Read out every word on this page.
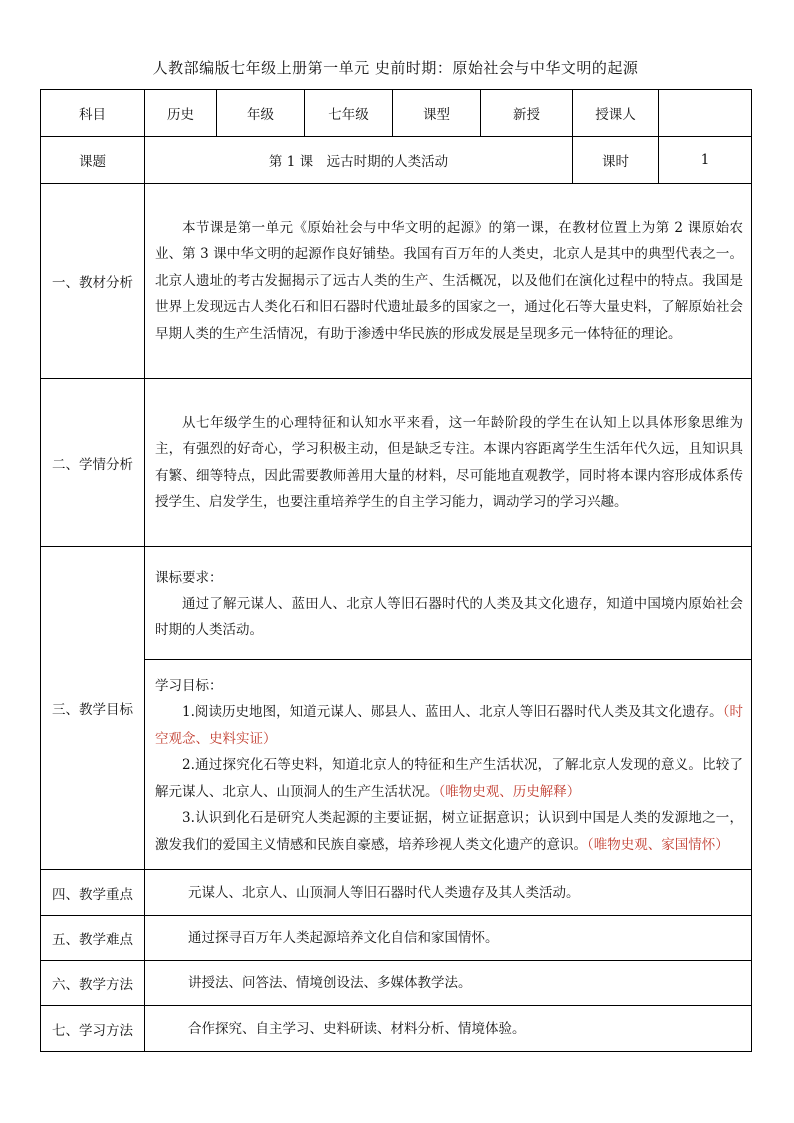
人教部编版七年级上册第一单元 史前时期：原始社会与中华文明的起源
科目	历史	年级	七年级	课型	新授	授课人	
课题	第 1 课　远古时期的人类活动					课时	1
一、教材分析	本节课是第一单元《原始社会与中华文明的起源》的第一课，在教材位置上为第 2 课原始农业、第 3 课中华文明的起源作良好铺垫。我国有百万年的人类史，北京人是其中的典型代表之一。北京人遗址的考古发掘揭示了远古人类的生产、生活概况，以及他们在演化过程中的特点。我国是世界上发现远古人类化石和旧石器时代遗址最多的国家之一，通过化石等大量史料，了解原始社会早期人类的生产生活情况，有助于渗透中华民族的形成发展是呈现多元一体特征的理论。						

二、学情分析	从七年级学生的心理特征和认知水平来看，这一年龄阶段的学生在认知上以具体形象思维为主，有强烈的好奇心，学习积极主动，但是缺乏专注。本课内容距离学生生活年代久远，且知识具有繁、细等特点，因此需要教师善用大量的材料，尽可能地直观教学，同时将本课内容形成体系传授学生、启发学生，也要注重培养学生的自主学习能力，调动学习的学习兴趣。						

三、教学目标	课标要求：
通过了解元谋人、蓝田人、北京人等旧石器时代的人类及其文化遗存，知道中国境内原始社会时期的人类活动。						

	学习目标：
1.阅读历史地图，知道元谋人、郧县人、蓝田人、北京人等旧石器时代人类及其文化遗存。（时空观念、史料实证）
2.通过探究化石等史料，知道北京人的特征和生产生活状况，了解北京人发现的意义。比较了解元谋人、北京人、山顶洞人的生产生活状况。（唯物史观、历史解释）
3.认识到化石是研究人类起源的主要证据，树立证据意识；认识到中国是人类的发源地之一，激发我们的爱国主义情感和民族自豪感，培养珍视人类文化遗产的意识。（唯物史观、家国情怀）						

四、教学重点	元谋人、北京人、山顶洞人等旧石器时代人类遗存及其人类活动。						

五、教学难点	通过探寻百万年人类起源培养文化自信和家国情怀。						

六、教学方法	讲授法、问答法、情境创设法、多媒体教学法。						

七、学习方法	合作探究、自主学习、史料研读、材料分析、情境体验。						
